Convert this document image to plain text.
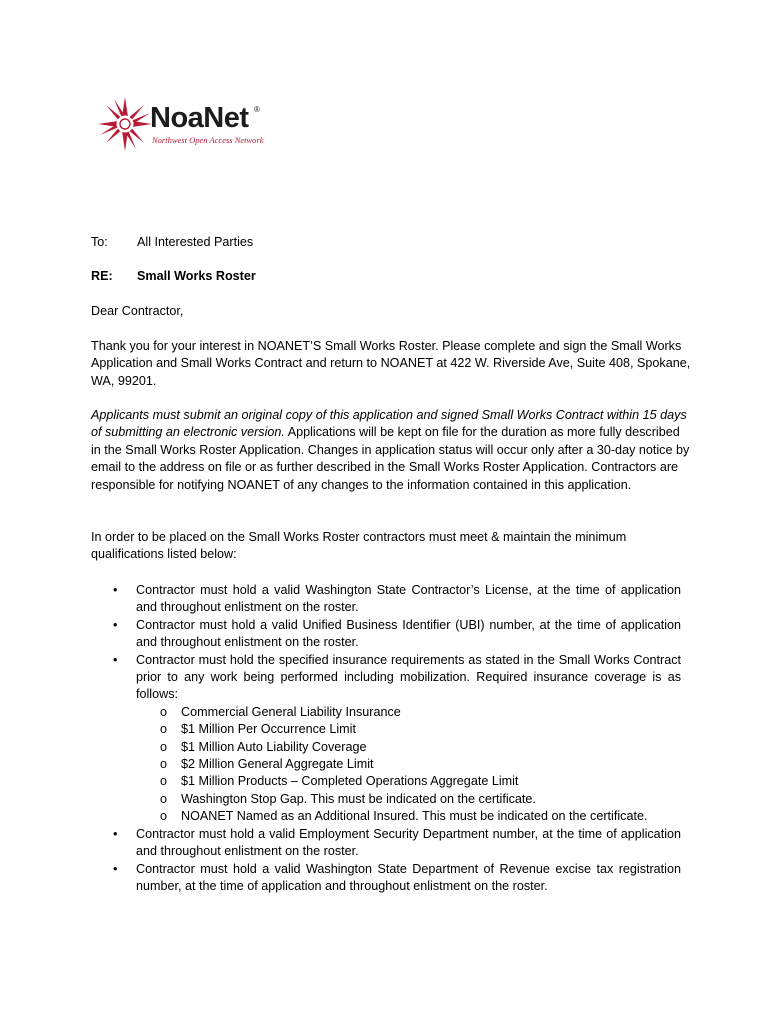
NoaNet ®
Northwest Open Access Network
To: All Interested Parties
RE: Small Works Roster
Dear Contractor,

Thank you for your interest in NOANET’S Small Works Roster. Please complete and sign the Small Works Application and Small Works Contract and return to NOANET at 422 W. Riverside Ave, Suite 408, Spokane, WA, 99201.

Applicants must submit an original copy of this application and signed Small Works Contract within 15 days of submitting an electronic version. Applications will be kept on file for the duration as more fully described in the Small Works Roster Application. Changes in application status will occur only after a 30-day notice by email to the address on file or as further described in the Small Works Roster Application. Contractors are responsible for notifying NOANET of any changes to the information contained in this application.

In order to be placed on the Small Works Roster contractors must meet & maintain the minimum qualifications listed below:

• Contractor must hold a valid Washington State Contractor’s License, at the time of application and throughout enlistment on the roster.
• Contractor must hold a valid Unified Business Identifier (UBI) number, at the time of application and throughout enlistment on the roster.
• Contractor must hold the specified insurance requirements as stated in the Small Works Contract prior to any work being performed including mobilization. Required insurance coverage is as follows:
o Commercial General Liability Insurance
o $1 Million Per Occurrence Limit
o $1 Million Auto Liability Coverage
o $2 Million General Aggregate Limit
o $1 Million Products – Completed Operations Aggregate Limit
o Washington Stop Gap. This must be indicated on the certificate.
o NOANET Named as an Additional Insured. This must be indicated on the certificate.
• Contractor must hold a valid Employment Security Department number, at the time of application and throughout enlistment on the roster.
• Contractor must hold a valid Washington State Department of Revenue excise tax registration number, at the time of application and throughout enlistment on the roster.
